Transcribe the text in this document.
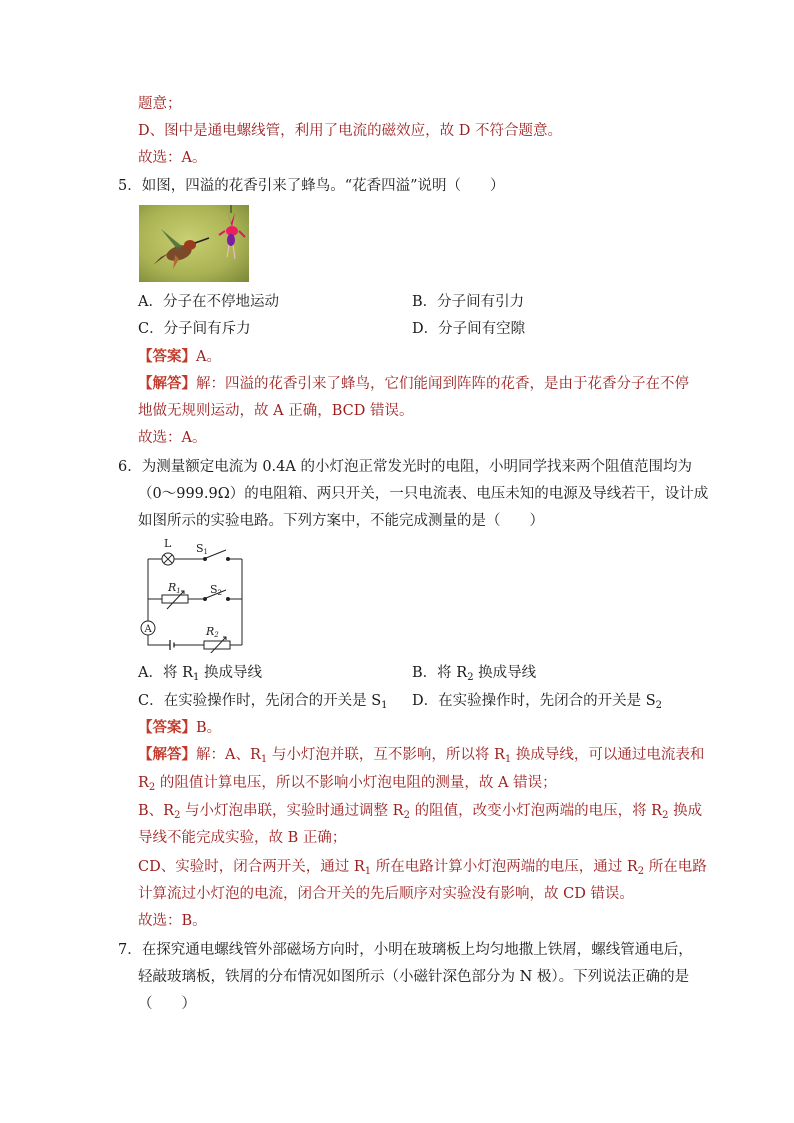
题意；
D、图中是通电螺线管，利用了电流的磁效应，故 D 不符合题意。
故选：A。
5．如图，四溢的花香引来了蜂鸟。“花香四溢”说明（　　）
A．分子在不停地运动	B．分子间有引力
C．分子间有斥力	D．分子间有空隙
【答案】A。
【解答】解：四溢的花香引来了蜂鸟，它们能闻到阵阵的花香，是由于花香分子在不停
地做无规则运动，故 A 正确，BCD 错误。
故选：A。
6．为测量额定电流为 0.4A 的小灯泡正常发光时的电阻，小明同学找来两个阻值范围均为
（0～999.9Ω）的电阻箱、两只开关，一只电流表、电压未知的电源及导线若干，设计成
如图所示的实验电路。下列方案中，不能完成测量的是（　　）
L S1
S2
R1
R2
A
A．将 $R_1$ 换成导线	B．将 $R_2$ 换成导线
C．在实验操作时，先闭合的开关是 $S_1$ D．在实验操作时，先闭合的开关是 $S_2$
【答案】B。
【解答】解：A、$R_1$ 与小灯泡并联，互不影响，所以将 $R_1$ 换成导线，可以通过电流表和
$R_2$ 的阻值计算电压，所以不影响小灯泡电阻的测量，故 A 错误；
B、$R_2$ 与小灯泡串联，实验时通过调整 $R_2$ 的阻值，改变小灯泡两端的电压，将 $R_2$ 换成
导线不能完成实验，故 B 正确；
CD、实验时，闭合两开关，通过 $R_1$ 所在电路计算小灯泡两端的电压，通过 $R_2$ 所在电路
计算流过小灯泡的电流，闭合开关的先后顺序对实验没有影响，故 CD 错误。
故选：B。
7．在探究通电螺线管外部磁场方向时，小明在玻璃板上均匀地撒上铁屑，螺线管通电后，
轻敲玻璃板，铁屑的分布情况如图所示（小磁针深色部分为 N 极）。下列说法正确的是
（　　）
